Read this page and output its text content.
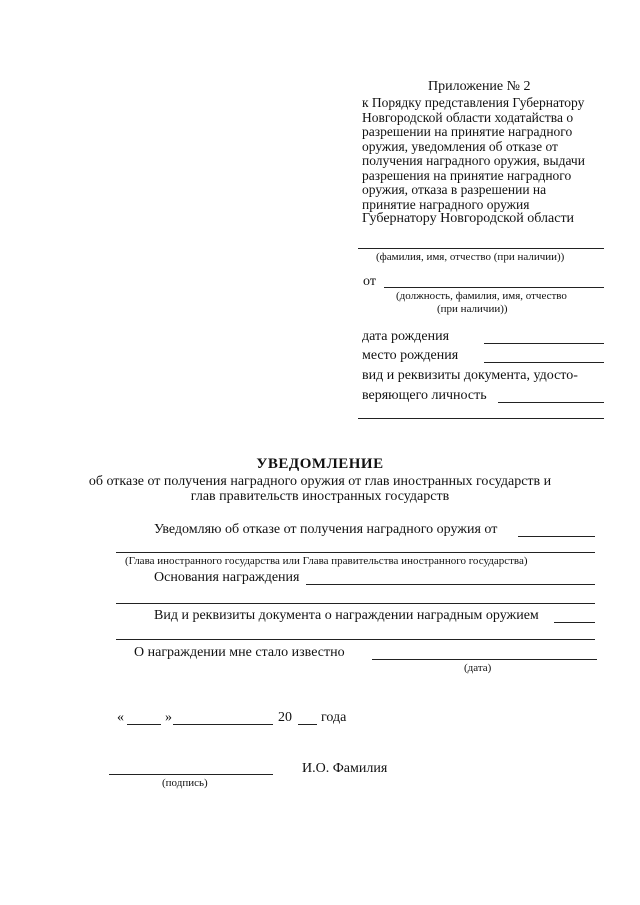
Приложение № 2
к Порядку представления Губернатору
Новгородской области ходатайства о
разрешении на принятие наградного
оружия, уведомления об отказе от
получения наградного оружия, выдачи
разрешения на принятие наградного
оружия, отказа в разрешении на
принятие наградного оружия
Губернатору Новгородской области
(фамилия, имя, отчество (при наличии))
от
(должность, фамилия, имя, отчество
(при наличии))
дата рождения
место рождения
вид и реквизиты документа, удосто-
веряющего личность
УВЕДОМЛЕНИЕ
об отказе от получения наградного оружия от глав иностранных государств и
глав правительств иностранных государств
Уведомляю об отказе от получения наградного оружия от
(Глава иностранного государства или Глава правительства иностранного государства)
Основания награждения
Вид и реквизиты документа о награждении наградным оружием
О награждении мне стало известно
(дата)
«	»	20 года
(подпись)
И.О. Фамилия
